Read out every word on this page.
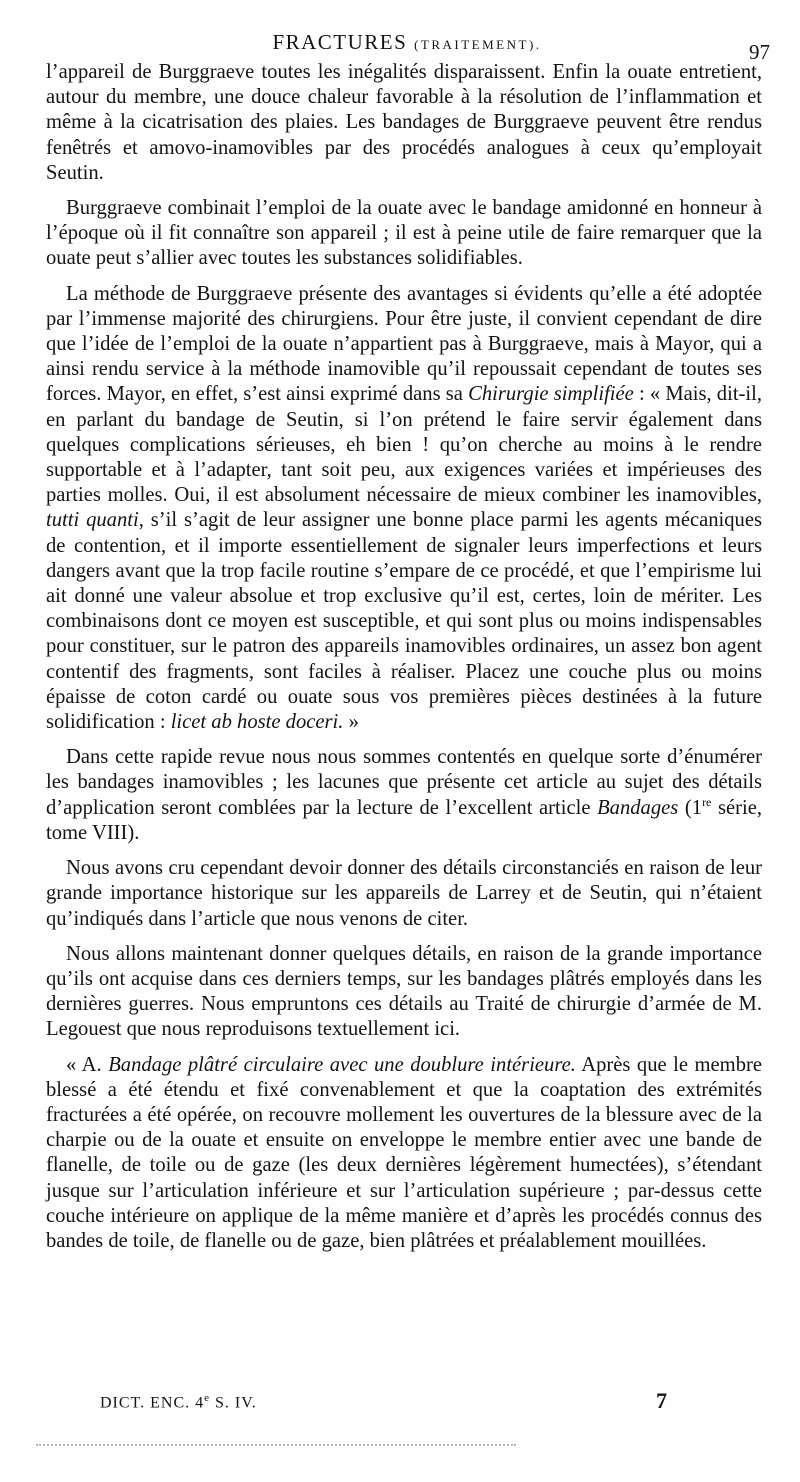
FRACTURES (TRAITEMENT).	97

l’appareil de Burggraeve toutes les inégalités disparaissent. Enfin la ouate entretient, autour du membre, une douce chaleur favorable à la résolution de l’inflammation et même à la cicatrisation des plaies. Les bandages de Burggraeve peuvent être rendus fenêtrés et amovo-inamovibles par des procédés analogues à ceux qu’employait Seutin.

Burggraeve combinait l’emploi de la ouate avec le bandage amidonné en honneur à l’époque où il fit connaître son appareil ; il est à peine utile de faire remarquer que la ouate peut s’allier avec toutes les substances solidifiables.

La méthode de Burggraeve présente des avantages si évidents qu’elle a été adoptée par l’immense majorité des chirurgiens. Pour être juste, il convient cependant de dire que l’idée de l’emploi de la ouate n’appartient pas à Burggraeve, mais à Mayor, qui a ainsi rendu service à la méthode inamovible qu’il repoussait cependant de toutes ses forces. Mayor, en effet, s’est ainsi exprimé dans sa Chirurgie simplifiée : « Mais, dit-il, en parlant du bandage de Seutin, si l’on prétend le faire servir également dans quelques complications sérieuses, eh bien ! qu’on cherche au moins à le rendre supportable et à l’adapter, tant soit peu, aux exigences variées et impérieuses des parties molles. Oui, il est absolument nécessaire de mieux combiner les inamovibles, tutti quanti, s’il s’agit de leur assigner une bonne place parmi les agents mécaniques de contention, et il importe essentiellement de signaler leurs imperfections et leurs dangers avant que la trop facile routine s’empare de ce procédé, et que l’empirisme lui ait donné une valeur absolue et trop exclusive qu’il est, certes, loin de mériter. Les combinaisons dont ce moyen est susceptible, et qui sont plus ou moins indispensables pour constituer, sur le patron des appareils inamovibles ordinaires, un assez bon agent contentif des fragments, sont faciles à réaliser. Placez une couche plus ou moins épaisse de coton cardé ou ouate sous vos premières pièces destinées à la future solidification : licet ab hoste doceri. »

Dans cette rapide revue nous nous sommes contentés en quelque sorte d’énumérer les bandages inamovibles ; les lacunes que présente cet article au sujet des détails d’application seront comblées par la lecture de l’excellent article Bandages (1re série, tome VIII).

Nous avons cru cependant devoir donner des détails circonstanciés en raison de leur grande importance historique sur les appareils de Larrey et de Seutin, qui n’étaient qu’indiqués dans l’article que nous venons de citer.

Nous allons maintenant donner quelques détails, en raison de la grande importance qu’ils ont acquise dans ces derniers temps, sur les bandages plâtrés employés dans les dernières guerres. Nous empruntons ces détails au Traité de chirurgie d’armée de M. Legouest que nous reproduisons textuellement ici.

« A. Bandage plâtré circulaire avec une doublure intérieure. Après que le membre blessé a été étendu et fixé convenablement et que la coaptation des extrémités fracturées a été opérée, on recouvre mollement les ouvertures de la blessure avec de la charpie ou de la ouate et ensuite on enveloppe le membre entier avec une bande de flanelle, de toile ou de gaze (les deux dernières légèrement humectées), s’étendant jusque sur l’articulation inférieure et sur l’articulation supérieure ; par-dessus cette couche intérieure on applique de la même manière et d’après les procédés connus des bandes de toile, de flanelle ou de gaze, bien plâtrées et préalablement mouillées.

DICT. ENC. 4e S. IV.	7
